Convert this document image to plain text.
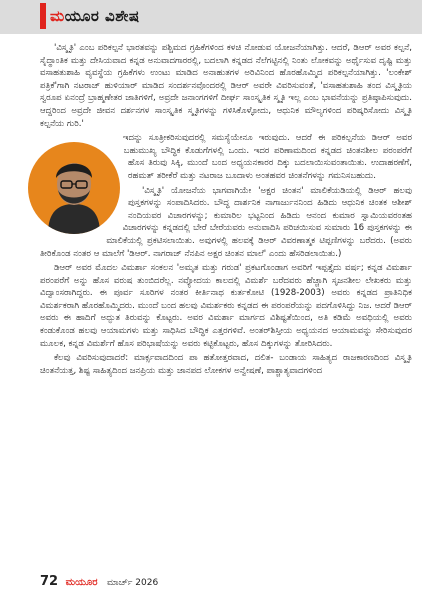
ಮಯೂರ ವಿಶೇಷ

'ವಿಸ್ಮೃತಿ' ಎಂಬ ಪರಿಕಲ್ಪನೆ ಭಾರತವನ್ನು ಪಶ್ಚಿಮದ ಗ್ರಹಿಕೆಗಳಿಂದ ಕಳಚಿ ನೋಡುವ ಯೋಜನೆಯಾಗಿತ್ತು. ಆದರೆ, ಡಿಆರ್ ಅವರ ಕಲ್ಪನೆ, ಸೈದ್ಧಾಂತಿಕ ಮತ್ತು ದೇಸಿಯವಾದ ಕನ್ನಡ ಅನುವಾದಗಾರರಲ್ಲಿ, ಬದಲಾಗಿ ಕನ್ನಡದ ನೆಲೆಗಟ್ಟಿನಲ್ಲಿ ನಿಂತು ಲೋಕವನ್ನು ಅರ್ಥೈಸುವ ದೃಷ್ಟಿ ಮತ್ತು ವಸಾಹತುಶಾಹಿ ವ್ಯವಸ್ಥೆಯ ಗ್ರಹಿಕೆಗಳು ಉಂಟು ಮಾಡಿದ ಅನಾಹುತಗಳ ಅರಿವಿನಿಂದ ಹೊರಹೊಮ್ಮಿದ ಪರಿಕಲ್ಪನೆಯಾಗಿತ್ತು. 'ಲಂಕೇಶ್ ಪತ್ರಿಕೆ'ಗಾಗಿ ನಟರಾಜ್ ಹುಳಿಯಾರ್ ಮಾಡಿದ ಸಂದರ್ಶನವೊಂದರಲ್ಲಿ ಡಿಆರ್ ಅವರೇ ವಿವರಿಸುವಂತೆ, 'ವಸಾಹತುಶಾಹಿ ತಂದ ವಿಸ್ಮೃತಿಯ ಸ್ವರೂಪ ಏನಂದ್ರೆ ಬ್ರಾಹ್ಮಣೇತರ ಜಾತಿಗಳಿಗೆ, ಅವ್ರದೇ ಜನಾಂಗಗಳಿಗೆ ದೀರ್ಘ ಸಾಂಸ್ಕೃತಿಕ ಸ್ಮೃತಿ ಇಲ್ಲ ಎಂಬ ಭಾವನೆಯನ್ನು ಪ್ರತಿಷ್ಠಾಪಿಸುವುದು. ಆದ್ದರಿಂದ ಅವ್ರದೇ ಜೀವನ ದರ್ಶನಗಳ ಸಾಂಸ್ಕೃತಿಕ ಸ್ಮೃತಿಗಳನ್ನು ಗಳಿಸಿಕೊಳ್ಳೋದು, ಆಧುನಿಕ ಮೌಲ್ಯಗಳಿಂದ ಪರಿಷ್ಕರಿಸೋದು ವಿಸ್ಮೃತಿ ಕಲ್ಪನೆಯ ಗುರಿ.'

ಇದನ್ನು ಸೂತ್ರೀಕರಿಸುವುದರಲ್ಲಿ ಸಮಸ್ಯೆಯೇನೂ ಇರುವುದು. ಆದರೆ ಈ ಪರಿಕಲ್ಪನೆಯ ಡಿಆರ್ ಅವರ ಬಹುಮುಖ್ಯ ಬೌದ್ಧಿಕ ಕೊಡುಗೆಗಳಲ್ಲಿ ಒಂದು. ಇದರ ಪರಿಣಾಮದಿಂದ ಕನ್ನಡದ ಚಿಂತನಶೀಲ ಪರಂಪರೆಗೆ ಹೊಸ ತಿರುವು ಸಿಕ್ಕಿ, ಮುಂದೆ ಬಂದ ಅಧ್ಯಯನಕಾರರ ದಿಕ್ಕು ಬದಲಾಯಿಸುವಂತಾಯಿತು. ಉದಾಹರಣೆಗೆ, ರಹಮತ್ ತರೀಕೆರೆ ಮತ್ತು ನಟರಾಜ ಬೂದಾಳು ಅಂತಹವರ ಚಿಂತನೆಗಳನ್ನು ಗಮನಿಸಬಹುದು.

'ವಿಸ್ಮೃತಿ' ಯೋಜನೆಯ ಭಾಗವಾಗಿಯೇ 'ಅಕ್ಷರ ಚಿಂತನ' ಮಾಲಿಕೆಯಡಿಯಲ್ಲಿ ಡಿಆರ್ ಹಲವು ಪುಸ್ತಕಗಳನ್ನು ಸಂಪಾದಿಸಿದರು. ಬೌದ್ಧ ದಾರ್ಶನಿಕ ನಾಗಾರ್ಜುನನಿಂದ ಹಿಡಿದು ಆಧುನಿಕ ಚಿಂತಕ ಆಶೀಶ್ ನಂದಿಯವರ ವಿಚಾರಗಳನ್ನು; ಕುಮಾರಿಲ ಭಟ್ಟನಿಂದ ಹಿಡಿದು ಆನಂದ ಕುಮಾರ ಸ್ವಾಮಿಯವರಂತಹ ವಿಚಾರಗಳನ್ನು ಕನ್ನಡದಲ್ಲಿ ಬೇರೆ ಬೇರೆಯವರು ಅನುವಾದಿಸಿ ಪರಿಚಯಿಸುವ ಸುಮಾರು 16 ಪುಸ್ತಕಗಳನ್ನು ಈ ಮಾಲಿಕೆಯಲ್ಲಿ ಪ್ರಕಟಿಸಲಾಯಿತು. ಅವುಗಳಲ್ಲಿ ಹಲವಕ್ಕೆ ಡಿಆರ್ ವಿವರಣಾತ್ಮಕ ಟಿಪ್ಪಣಿಗಳನ್ನು ಬರೆದರು. (ಅವರು ತೀರಿಕೊಂಡ ನಂತರ ಆ ಮಾಲೆಗೆ 'ಡಿಆರ್. ನಾಗರಾಜ್ ನೆನಪಿನ ಅಕ್ಷರ ಚಿಂತನ ಮಾಲೆ' ಎಂದು ಹೆಸರಿಡಲಾಯಿತು.)

ಡಿಆರ್ ಅವರ ಮೊದಲ ವಿಮರ್ಶಾ ಸಂಕಲನ 'ಅಮೃತ ಮತ್ತು ಗರುಡ' ಪ್ರಕಟಗೊಂಡಾಗ ಅವರಿಗೆ ಇಪ್ಪತ್ತೈದು ವರ್ಷ; ಕನ್ನಡ ವಿಮರ್ಶಾ ಪರಂಪರೆಗೆ ಅನ್ನು ಹೊಸ ವರುಷ ತುಂಬಿದರೆಲ್ಲ. ನವ್ಯೋದಯ ಕಾಲದಲ್ಲಿ ವಿಮರ್ಶೆ ಬರೆದವರು ಹೆಚ್ಚಾಗಿ ಸೃಜನಶೀಲ ಲೇಖಕರು ಮತ್ತು ವಿದ್ವಾಂಸರಾಗಿದ್ದರು. ಈ ಪೂರ್ವ ಸೂರಿಗಳ ನಂತರ ಕೀರ್ತಿನಾಥ ಕುರ್ತಕೋಟಿ (1928-2003) ಅವರು ಕನ್ನಡದ ಪ್ರಾತಿನಿಧಿಕ ವಿಮರ್ಶಕರಾಗಿ ಹೊರಹೊಮ್ಮಿದರು. ಮುಂದೆ ಬಂದ ಹಲವು ವಿಮರ್ಶಕರು ಕನ್ನಡದ ಈ ಪರಂಪರೆಯನ್ನು ಪದಗೊಳಿಸಿದ್ದು ನಿಜ. ಆದರೆ ಡಿಆರ್ ಅವರು ಈ ಹಾದಿಗೆ ಅದ್ಭುತ ತಿರುವನ್ನು ಕೊಟ್ಟರು. ಅವರ ವಿಮರ್ಶಾ ಮಾರ್ಗದ ವಿಶಿಷ್ಟತೆಯಿಂದ, ಅತಿ ಕಡಿಮೆ ಅವಧಿಯಲ್ಲಿ ಅವರು ಕಂಡುಕೊಂಡ ಹಲವು ಆಯಾಮಗಳು ಮತ್ತು ಸಾಧಿಸಿದ ಬೌದ್ಧಿಕ ಎತ್ತರಗಳಿವೆ. ಅಂತರ್‌ಶಿಸ್ತೀಯ ಅಧ್ಯಯನದ ಆಯಾಮವನ್ನು ಸೇರಿಸುವುದರ ಮೂಲಕ, ಕನ್ನಡ ವಿಮರ್ಶೆಗೆ ಹೊಸ ಪರಿಭಾಷೆಯನ್ನು ಅವರು ಕಟ್ಟಿಕೊಟ್ಟರು, ಹೊಸ ದಿಕ್ಕುಗಳನ್ನು ತೋರಿಸಿದರು.

ಕೆಲವು ವಿವರಿಸುವುದಾದರೆ: ಮಾರ್ಕ್ಸವಾದದಿಂದ ಪಾ ಹತೋತ್ತರವಾದ, ದಲಿತ- ಬಂಡಾಯ ಸಾಹಿತ್ಯದ ರಾಜಕಾರಣದಿಂದ ವಿಸ್ಮೃತಿ ಚಿಂತನೆಯತ್ತ, ಶಿಷ್ಟ ಸಾಹಿತ್ಯದಿಂದ ಜನಪ್ರಿಯ ಮತ್ತು ಜಾನಪದ ಲೋಕಗಳ ಅನ್ವೇಷಣೆ, ಪಾಶ್ಚಾತ್ಯವಾದಗಳಿಂದ

72 ಮಯೂರ ಮಾರ್ಚ್ 2026
